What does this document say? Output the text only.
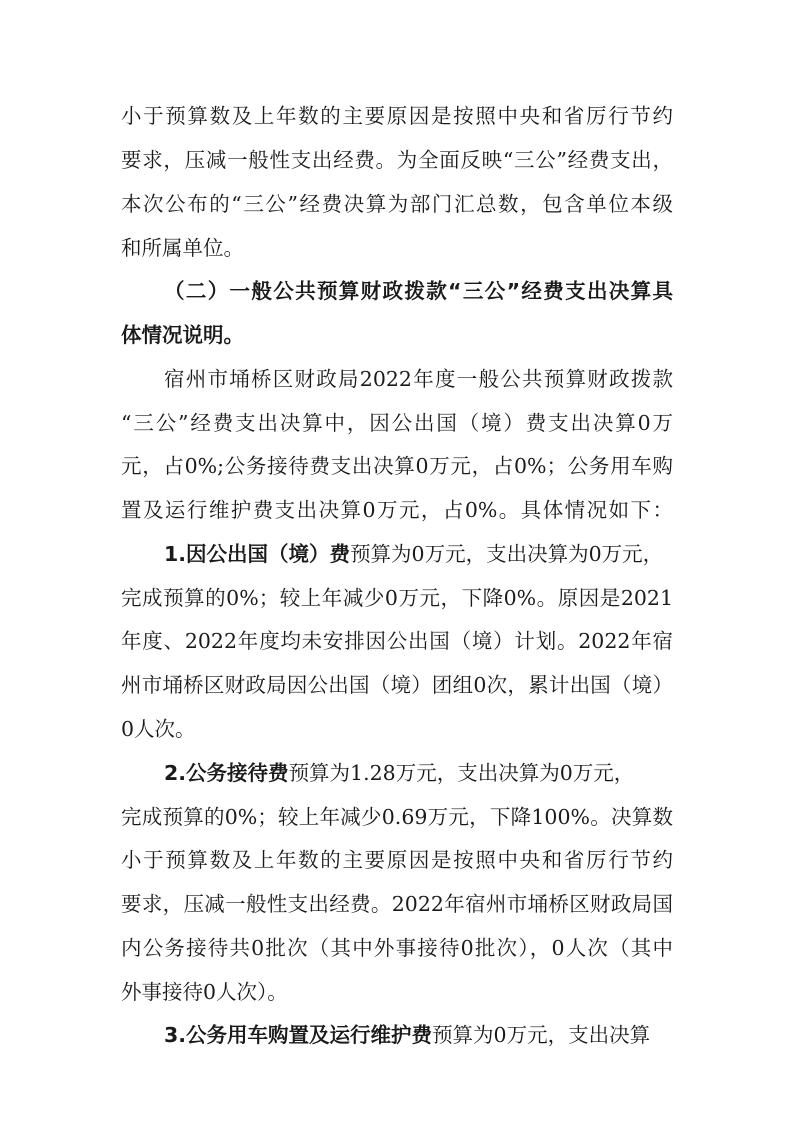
小于预算数及上年数的主要原因是按照中央和省厉行节约
要求，压减一般性支出经费。为全面反映“三公”经费支出，
本次公布的“三公”经费决算为部门汇总数，包含单位本级
和所属单位。
（二）一般公共预算财政拨款“三公”经费支出决算具
体情况说明。
宿州市埇桥区财政局2022年度一般公共预算财政拨款
“三公”经费支出决算中，因公出国（境）费支出决算0万
元，占0%;公务接待费支出决算0万元，占0%；公务用车购
置及运行维护费支出决算0万元，占0%。具体情况如下：
1.因公出国（境）费预算为0万元，支出决算为0万元，
完成预算的0%；较上年减少0万元，下降0%。原因是2021
年度、2022年度均未安排因公出国（境）计划。2022年宿
州市埇桥区财政局因公出国（境）团组0次，累计出国（境）
0人次。
2.公务接待费预算为1.28万元，支出决算为0万元，
完成预算的0%；较上年减少0.69万元，下降100%。决算数
小于预算数及上年数的主要原因是按照中央和省厉行节约
要求，压减一般性支出经费。2022年宿州市埇桥区财政局国
内公务接待共0批次（其中外事接待0批次），0人次（其中
外事接待0人次）。
3.公务用车购置及运行维护费预算为0万元，支出决算
